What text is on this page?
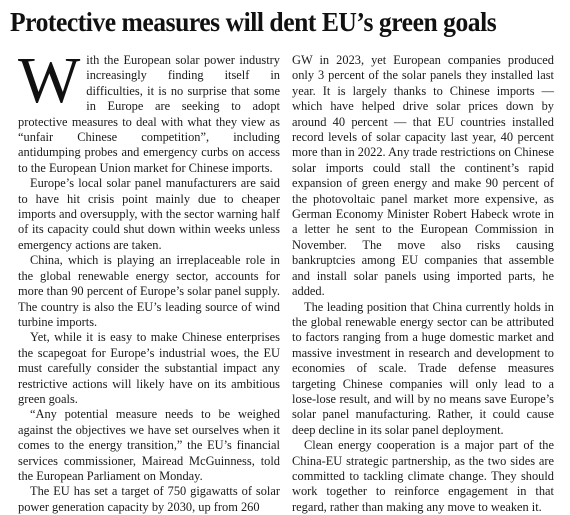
Protective measures will dent EU’s green goals

With the European solar power industry increasingly finding itself in difficulties, it is no surprise that some in Europe are seeking to adopt protective measures to deal with what they view as “unfair Chinese competition”, including antidumping probes and emergency curbs on access to the European Union market for Chinese imports.

Europe’s local solar panel manufacturers are said to have hit crisis point mainly due to cheaper imports and oversupply, with the sector warning half of its capacity could shut down within weeks unless emergency actions are taken.

China, which is playing an irreplaceable role in the global renewable energy sector, accounts for more than 90 percent of Europe’s solar panel supply. The country is also the EU’s leading source of wind turbine imports.

Yet, while it is easy to make Chinese enterprises the scapegoat for Europe’s industrial woes, the EU must carefully consider the substantial impact any restrictive actions will likely have on its ambitious green goals.

“Any potential measure needs to be weighed against the objectives we have set ourselves when it comes to the energy transition,” the EU’s financial services commissioner, Mairead McGuinness, told the European Parliament on Monday.

The EU has set a target of 750 gigawatts of solar power generation capacity by 2030, up from 260

GW in 2023, yet European companies produced only 3 percent of the solar panels they installed last year. It is largely thanks to Chinese imports — which have helped drive solar prices down by around 40 percent — that EU countries installed record levels of solar capacity last year, 40 percent more than in 2022. Any trade restrictions on Chinese solar imports could stall the continent’s rapid expansion of green energy and make 90 percent of the photovoltaic panel market more expensive, as German Economy Minister Robert Habeck wrote in a letter he sent to the European Commission in November. The move also risks causing bankruptcies among EU companies that assemble and install solar panels using imported parts, he added.

The leading position that China currently holds in the global renewable energy sector can be attributed to factors ranging from a huge domestic market and massive investment in research and development to economies of scale. Trade defense measures targeting Chinese companies will only lead to a lose-lose result, and will by no means save Europe’s solar panel manufacturing. Rather, it could cause deep decline in its solar panel deployment.

Clean energy cooperation is a major part of the China-EU strategic partnership, as the two sides are committed to tackling climate change. They should work together to reinforce engagement in that regard, rather than making any move to weaken it.
